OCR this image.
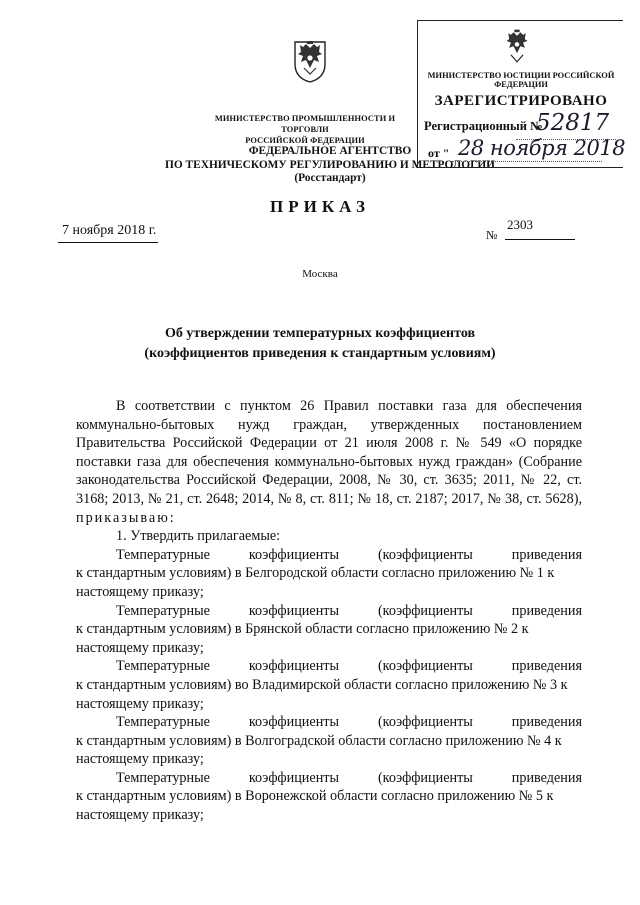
МИНИСТЕРСТВО ПРОМЫШЛЕННОСТИ И ТОРГОВЛИ
РОССИЙСКОЙ ФЕДЕРАЦИИ
ФЕДЕРАЛЬНОЕ АГЕНТСТВО
ПО ТЕХНИЧЕСКОМУ РЕГУЛИРОВАНИЮ И МЕТРОЛОГИИ
(Росстандарт)
МИНИСТЕРСТВО ЮСТИЦИИ РОССИЙСКОЙ ФЕДЕРАЦИИ
ЗАРЕГИСТРИРОВАНО
Регистрационный №
52817
от " 28 ноября 2018
ПРИКАЗ
7 ноября 2018 г.	№
2303
Москва
Об утверждении температурных коэффициентов
(коэффициентов приведения к стандартным условиям)

В соответствии с пунктом 26 Правил поставки газа для обеспечения коммунально-бытовых нужд граждан, утвержденных постановлением Правительства Российской Федерации от 21 июля 2008 г. № 549 «О порядке поставки газа для обеспечения коммунально-бытовых нужд граждан» (Собрание законодательства Российской Федерации, 2008, № 30, ст. 3635; 2011, № 22, ст. 3168; 2013, № 21, ст. 2648; 2014, № 8, ст. 811; № 18, ст. 2187; 2017, № 38, ст. 5628), приказываю:

1. Утвердить прилагаемые:

Температурные коэффициенты (коэффициенты приведения

к стандартным условиям) в Белгородской области согласно приложению № 1 к настоящему приказу;

Температурные коэффициенты (коэффициенты приведения

к стандартным условиям) в Брянской области согласно приложению № 2 к настоящему приказу;

Температурные коэффициенты (коэффициенты приведения

к стандартным условиям) во Владимирской области согласно приложению № 3 к настоящему приказу;

Температурные коэффициенты (коэффициенты приведения

к стандартным условиям) в Волгоградской области согласно приложению № 4 к настоящему приказу;

Температурные коэффициенты (коэффициенты приведения

к стандартным условиям) в Воронежской области согласно приложению № 5 к настоящему приказу;
